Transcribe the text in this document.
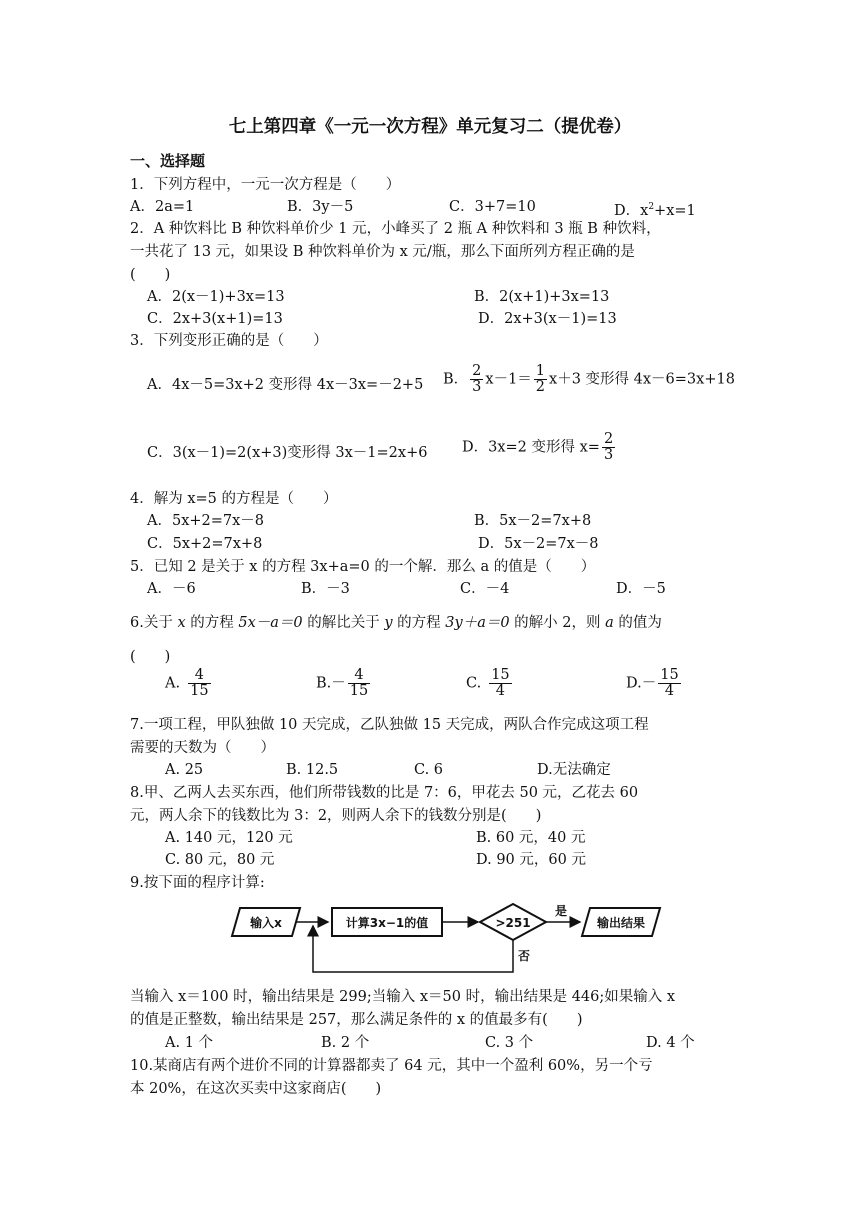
七上第四章《一元一次方程》单元复习二（提优卷）
一、选择题
1．下列方程中，一元一次方程是（　　）
A．2a=1	B．3y－5	C．3+7=10	D．$x^2+x=1$
2．A 种饮料比 B 种饮料单价少 1 元，小峰买了 2 瓶 A 种饮料和 3 瓶 B 种饮料，
一共花了 13 元，如果设 B 种饮料单价为 x 元/瓶，那么下面所列方程正确的是
(　　)
A．2(x－1)+3x=13	B．2(x+1)+3x=13
C．2x+3(x+1)=13	D．2x+3(x－1)=13
3．下列变形正确的是（　　）
A．4x－5=3x+2 变形得 4x－3x=－2+5 B． $\frac{2}{3} x-1= \frac{1}{2} x+3$ 变形得 4x－6=3x+18
C．3(x－1)=2(x+3)变形得 3x－1=2x+6 D．3x=2 变形得 $x= \frac{2}{3}$
4．解为 x=5 的方程是（　　）
A．5x+2=7x－8	B．5x－2=7x+8
C．5x+2=7x+8	D．5x－2=7x－8
5．已知 2 是关于 x 的方程 3x+a=0 的一个解．那么 a 的值是（　　）
A．－6	B．－3	C．－4	D．－5
6.关于 x 的方程 5x－a＝0 的解比关于 y 的方程 3y＋a＝0 的解小 2，则 a 的值为
(　　)
A. $\frac{4}{15}$	$B.- \frac{4}{15}$	C. $\frac{15}{4}$	$D.- \frac{15}{4}$
7.一项工程，甲队独做 10 天完成，乙队独做 15 天完成，两队合作完成这项工程
需要的天数为（　　）
A. 25	B. 12.5	C. 6	D.无法确定
8.甲、乙两人去买东西，他们所带钱数的比是 7：6，甲花去 50 元，乙花去 60
元，两人余下的钱数比为 3：2，则两人余下的钱数分别是(　　)
A. 140 元，120 元	B. 60 元，40 元
C. 80 元，80 元	D. 90 元，60 元
9.按下面的程序计算:
输入x	计算3x−1的值	>251
是
输出结果
否
当输入 x＝100 时，输出结果是 299;当输入 x＝50 时，输出结果是 446;如果输入 x
的值是正整数，输出结果是 257，那么满足条件的 x 的值最多有(　　)
A. 1 个	B. 2 个	C. 3 个	D. 4 个
10.某商店有两个进价不同的计算器都卖了 64 元，其中一个盈利 60%，另一个亏
本 20%，在这次买卖中这家商店(　　)
